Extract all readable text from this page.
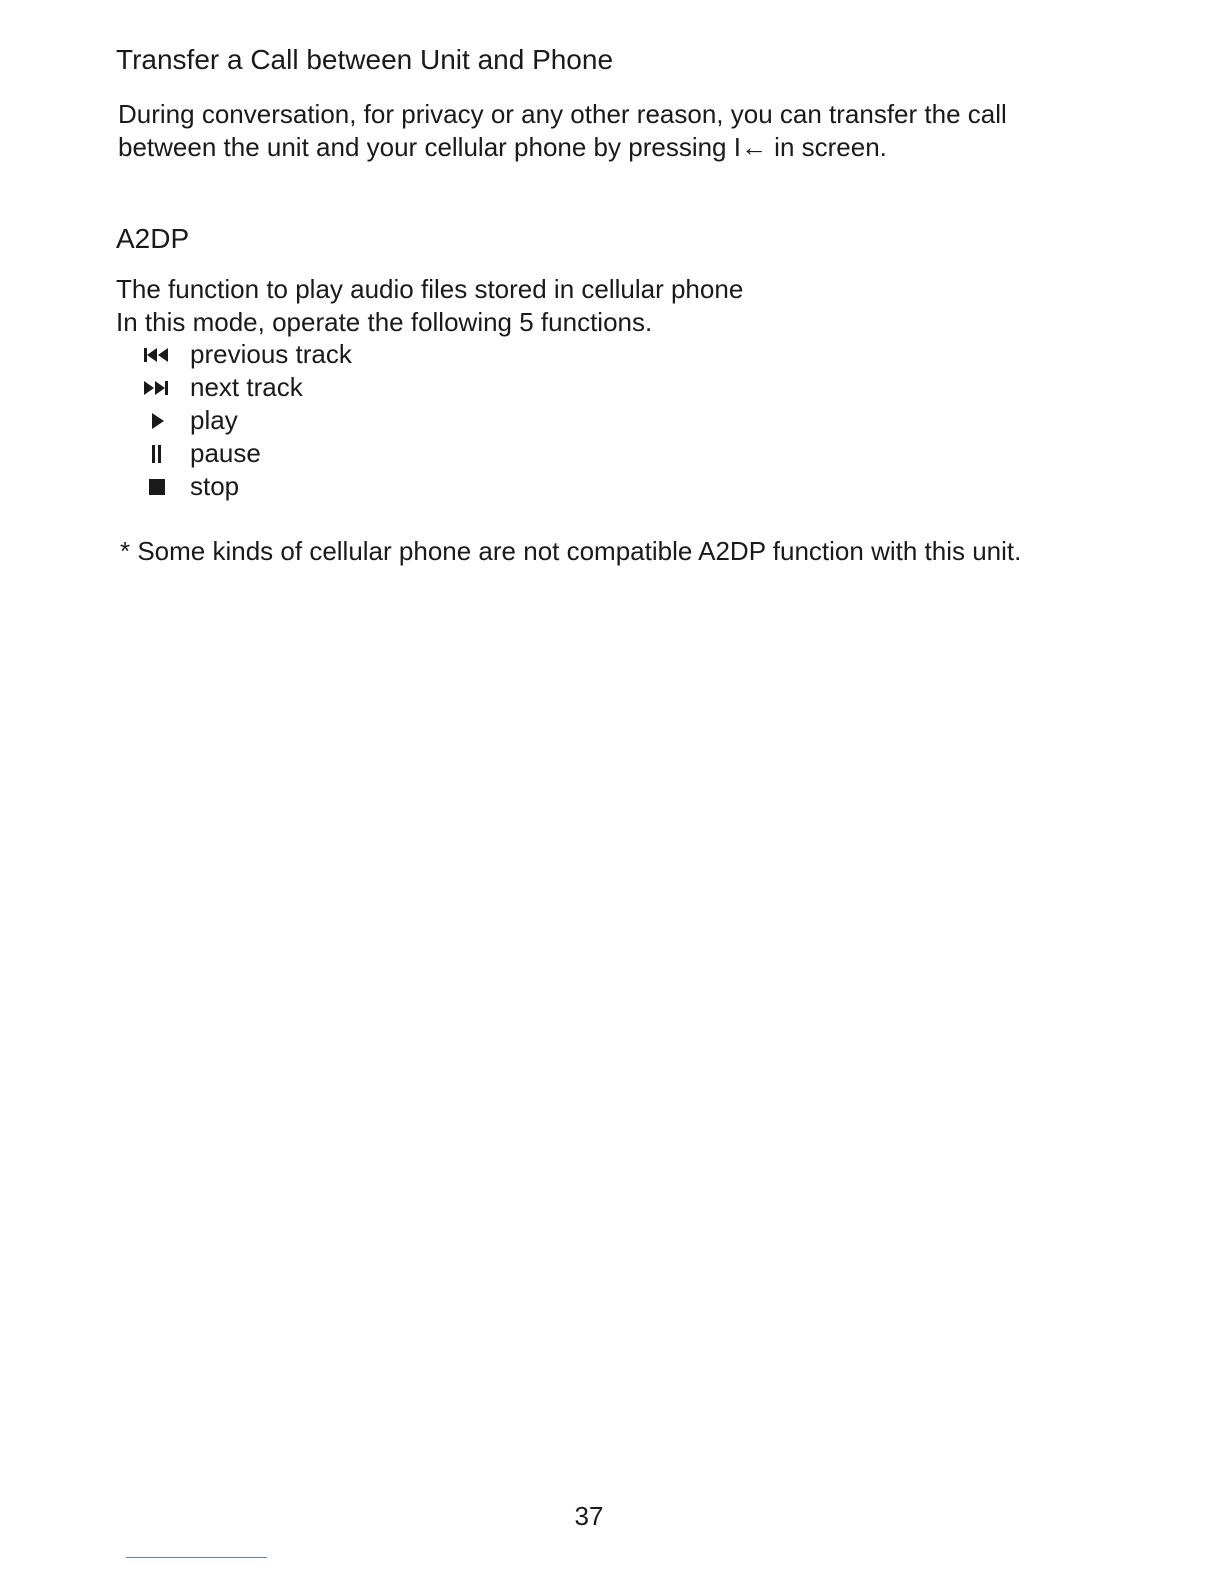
Transfer a Call between Unit and Phone
During conversation, for privacy or any other reason, you can transfer the call
between the unit and your cellular phone by pressing I← in screen.
A2DP
The function to play audio files stored in cellular phone
In this mode, operate the following 5 functions.
previous track
next track
play
pause
stop

* Some kinds of cellular phone are not compatible A2DP function with this unit.

37
